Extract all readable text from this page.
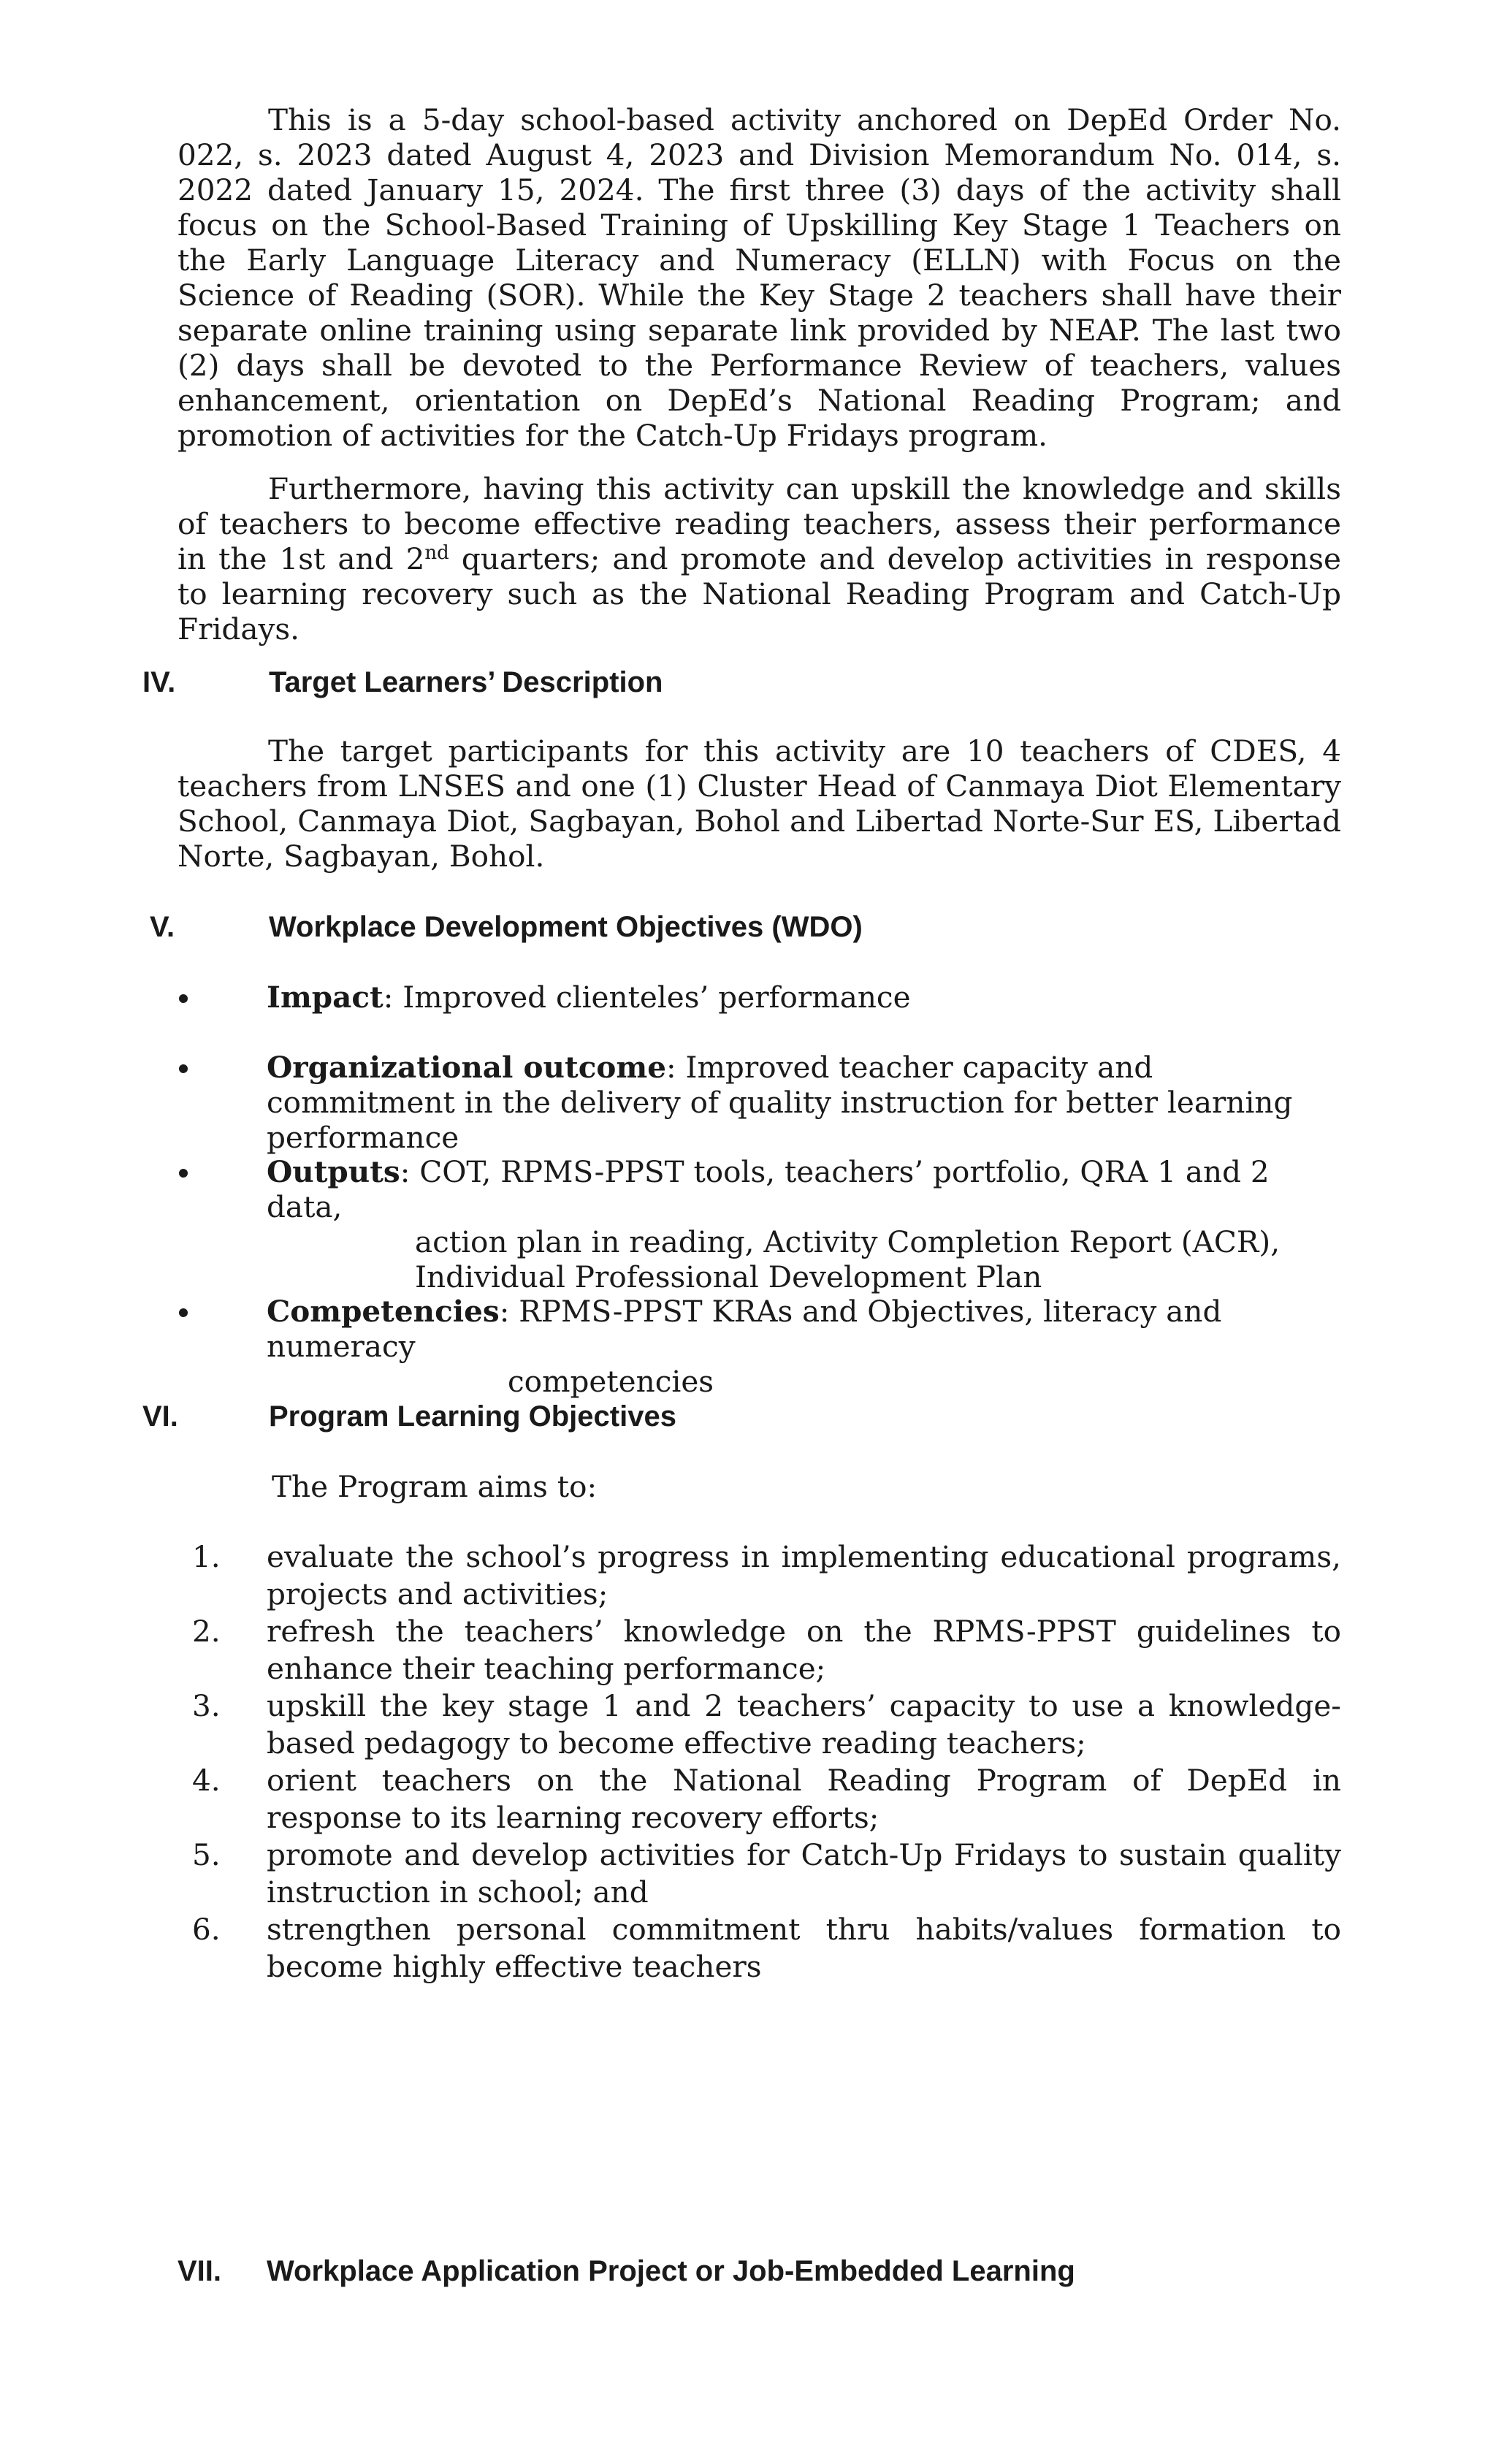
This is a 5-day school-based activity anchored on DepEd Order No. 022, s. 2023 dated August 4, 2023 and Division Memorandum No. 014, s. 2022 dated January 15, 2024. The first three (3) days of the activity shall focus on the School-Based Training of Upskilling Key Stage 1 Teachers on the Early Language Literacy and Numeracy (ELLN) with Focus on the Science of Reading (SOR). While the Key Stage 2 teachers shall have their separate online training using separate link provided by NEAP. The last two (2) days shall be devoted to the Performance Review of teachers, values enhancement, orientation on DepEd’s National Reading Program; and promotion of activities for the Catch-Up Fridays program.

Furthermore, having this activity can upskill the knowledge and skills of teachers to become effective reading teachers, assess their performance in the 1st and 2nd quarters; and promote and develop activities in response to learning recovery such as the National Reading Program and Catch-Up Fridays.

IV.	Target Learners’ Description

The target participants for this activity are 10 teachers of CDES, 4 teachers from LNSES and one (1) Cluster Head of Canmaya Diot Elementary School, Canmaya Diot, Sagbayan, Bohol and Libertad Norte-Sur ES, Libertad Norte, Sagbayan, Bohol.

V.	Workplace Development Objectives (WDO)
Impact: Improved clienteles’ performance
Organizational outcome: Improved teacher capacity and commitment in the delivery of quality instruction for better learning performance
Outputs: COT, RPMS-PPST tools, teachers’ portfolio, QRA 1 and 2 data,
action plan in reading, Activity Completion Report (ACR),
Individual Professional Development Plan
Competencies: RPMS-PPST KRAs and Objectives, literacy and numeracy
competencies
VI.	Program Learning Objectives

The Program aims to:

1.	evaluate the school’s progress in implementing educational programs, projects and activities;
2.	refresh the teachers’ knowledge on the RPMS-PPST guidelines to enhance their teaching performance;
3.	upskill the key stage 1 and 2 teachers’ capacity to use a knowledge-based pedagogy to become effective reading teachers;
4.	orient teachers on the National Reading Program of DepEd in response to its learning recovery efforts;
5.	promote and develop activities for Catch-Up Fridays to sustain quality instruction in school; and
6.	strengthen personal commitment thru habits/values formation to become highly effective teachers
VII. Workplace Application Project or Job-Embedded Learning
